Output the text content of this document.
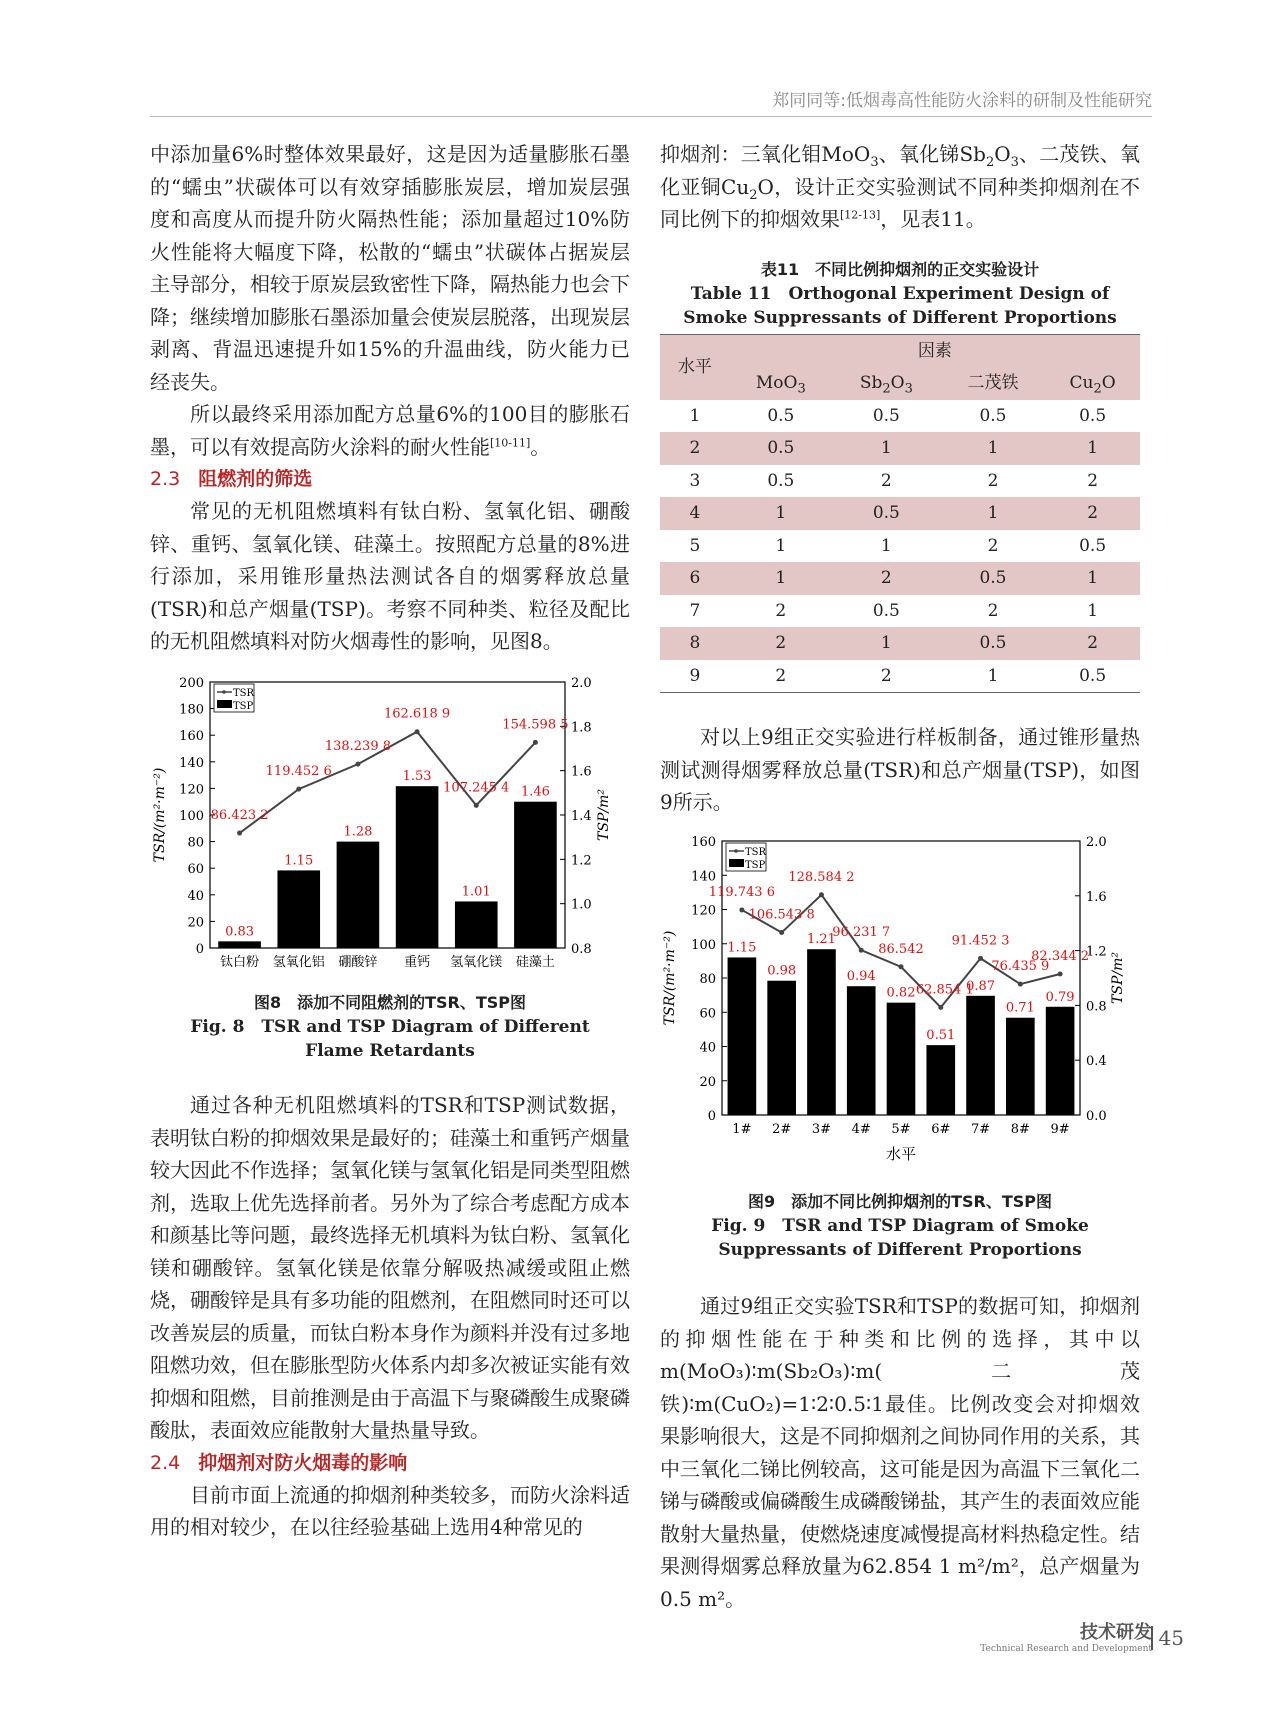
郑同同等:低烟毒高性能防火涂料的研制及性能研究

中添加量6%时整体效果最好，这是因为适量膨胀石墨的“蠕虫”状碳体可以有效穿插膨胀炭层，增加炭层强度和高度从而提升防火隔热性能；添加量超过10%防火性能将大幅度下降，松散的“蠕虫”状碳体占据炭层主导部分，相较于原炭层致密性下降，隔热能力也会下降；继续增加膨胀石墨添加量会使炭层脱落，出现炭层剥离、背温迅速提升如15%的升温曲线，防火能力已经丧失。

所以最终采用添加配方总量6%的100目的膨胀石墨，可以有效提高防火涂料的耐火性能[10-11]。

2.3 阻燃剂的筛选

常见的无机阻燃填料有钛白粉、氢氧化铝、硼酸锌、重钙、氢氧化镁、硅藻土。按照配方总量的8%进行添加，采用锥形量热法测试各自的烟雾释放总量(TSR)和总产烟量(TSP)。考察不同种类、粒径及配比的无机阻燃填料对防火烟毒性的影响，见图8。

0
20
40
60
80
100
120
140
160
180
200
0.8
1.0
1.2
1.4
1.6
1.8
2.0
TSR/(m²·m⁻²)	TSP/m²
0.83
1.15
1.28
1.53
1.01
1.46
钛白粉 氢氧化铝 硼酸锌 重钙 氢氧化镁 硅藻土
86.423 2
119.452 6
138.239 8
162.618 9
107.245 4
154.598 5
TSR
TSP
图8　添加不同阻燃剂的TSR、TSP图
Fig. 8　TSR and TSP Diagram of Different Flame Retardants

通过各种无机阻燃填料的TSR和TSP测试数据，表明钛白粉的抑烟效果是最好的；硅藻土和重钙产烟量较大因此不作选择；氢氧化镁与氢氧化铝是同类型阻燃剂，选取上优先选择前者。另外为了综合考虑配方成本和颜基比等问题，最终选择无机填料为钛白粉、氢氧化镁和硼酸锌。氢氧化镁是依靠分解吸热减缓或阻止燃烧，硼酸锌是具有多功能的阻燃剂，在阻燃同时还可以改善炭层的质量，而钛白粉本身作为颜料并没有过多地阻燃功效，但在膨胀型防火体系内却多次被证实能有效抑烟和阻燃，目前推测是由于高温下与聚磷酸生成聚磷酸肽，表面效应能散射大量热量导致。

2.4 抑烟剂对防火烟毒的影响

目前市面上流通的抑烟剂种类较多，而防火涂料适用的相对较少，在以往经验基础上选用4种常见的

抑烟剂：三氧化钼MoO$_3$、氧化锑$Sb_2O_3$、二茂铁、氧化亚铜$Cu_2O$，设计正交实验测试不同种类抑烟剂在不同比例下的抑烟效果[12-13]，见表11。

表11　不同比例抑烟剂的正交实验设计
Table 11　Orthogonal Experiment Design of Smoke Suppressants of Different Proportions
水平	因素			
	MoO$_3$	$Sb_2O_3$	二茂铁	$Cu_2O$
1	0.5	0.5	0.5	0.5
2	0.5	1	1	1
3	0.5	2	2	2
4	1	0.5	1	2
5	1	1	2	0.5
6	1	2	0.5	1
7	2	0.5	2	1
8	2	1	0.5	2
9	2	2	1	0.5

对以上9组正交实验进行样板制备，通过锥形量热测试测得烟雾释放总量(TSR)和总产烟量(TSP)，如图9所示。

0
20
40
60
80
100
120
140
160
0.0
0.4
0.8
1.2
1.6
2.0
TSR/(m²·m⁻²)	TSP/m²
水平
1.15
0.98
1.21
0.94
0.82
0.51
0.87
0.71
0.79
1# 2# 3# 4# 5# 6# 7# 8# 9#
119.743 6
106.543 8
128.584 2
96.231 7
86.542
62.854 1
91.452 3
76.435 9
82.344 2
TSR
TSP
图9　添加不同比例抑烟剂的TSR、TSP图
Fig. 9　TSR and TSP Diagram of Smoke Suppressants of Different Proportions

通过9组正交实验TSR和TSP的数据可知，抑烟剂的抑烟性能在于种类和比例的选择，其中以m(MoO₃)∶m(Sb₂O₃)∶m(二茂铁)∶m(CuO₂)=1∶2∶0.5∶1最佳。比例改变会对抑烟效果影响很大，这是不同抑烟剂之间协同作用的关系，其中三氧化二锑比例较高，这可能是因为高温下三氧化二锑与磷酸或偏磷酸生成磷酸锑盐，其产生的表面效应能散射大量热量，使燃烧速度减慢提高材料热稳定性。结果测得烟雾总释放量为62.854 1 m²/m²，总产烟量为0.5 m²。

技术研发
Technical Research and Development 45
